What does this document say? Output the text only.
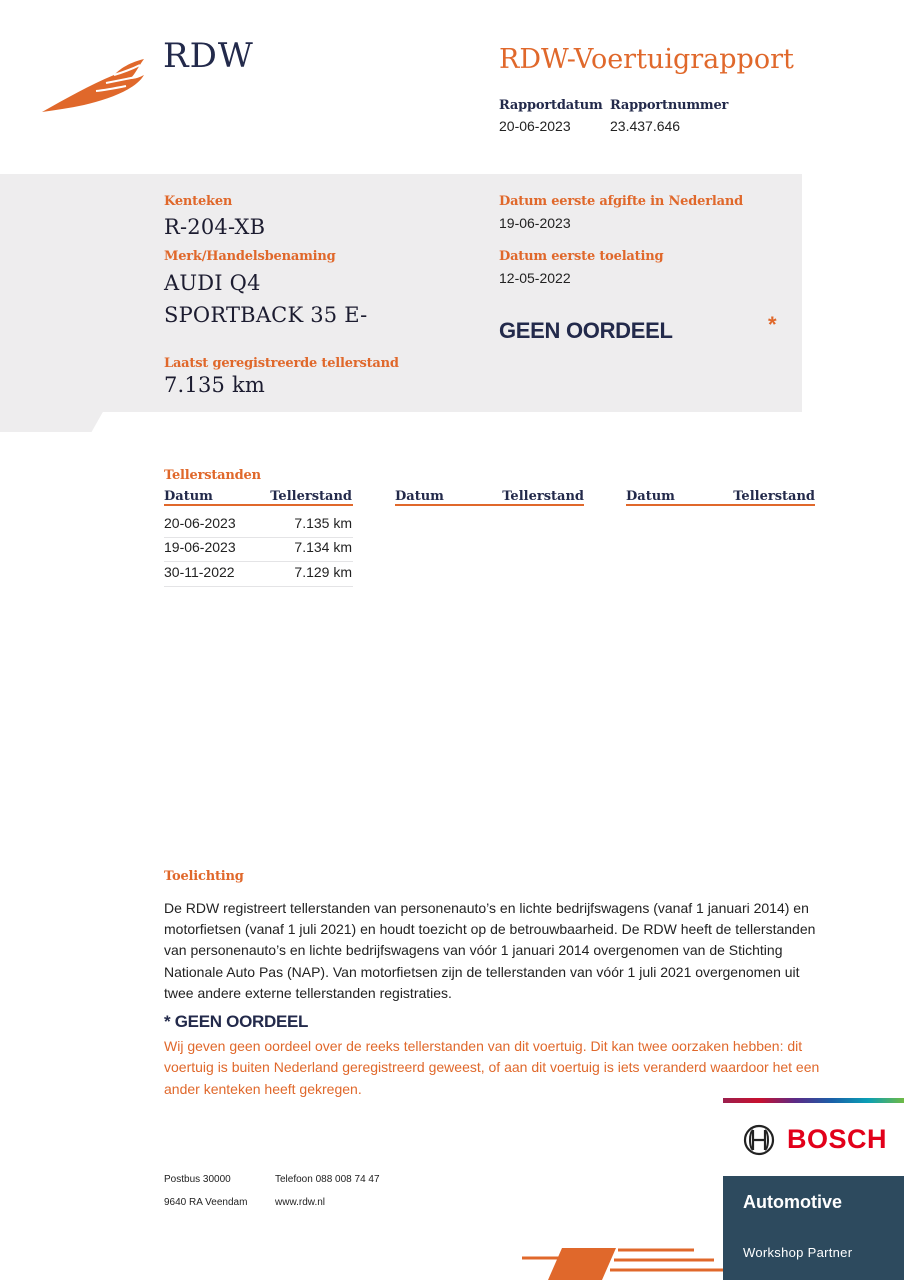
RDW	RDW-Voertuigrapport
Rapportdatum
20-06-2023
Rapportnummer
23.437.646
Kenteken
R-204-XB
Merk/Handelsbenaming
AUDI Q4
SPORTBACK 35 E-
Laatst geregistreerde tellerstand
7.135 km
Datum eerste afgifte in Nederland
19-06-2023
Datum eerste toelating
12-05-2022
GEEN OORDEEL	*
Tellerstanden
Datum	Tellerstand	Datum	Tellerstand	Datum	Tellerstand
20-06-2023	7.135 km
19-06-2023	7.134 km
30-11-2022	7.129 km
Toelichting
De RDW registreert tellerstanden van personenauto’s en lichte bedrijfswagens (vanaf 1 januari 2014) en
motorfietsen (vanaf 1 juli 2021) en houdt toezicht op de betrouwbaarheid. De RDW heeft de tellerstanden
van personenauto’s en lichte bedrijfswagens van vóór 1 januari 2014 overgenomen van de Stichting
Nationale Auto Pas (NAP). Van motorfietsen zijn de tellerstanden van vóór 1 juli 2021 overgenomen uit
twee andere externe tellerstanden registraties.
* GEEN OORDEEL
Wij geven geen oordeel over de reeks tellerstanden van dit voertuig. Dit kan twee oorzaken hebben: dit
voertuig is buiten Nederland geregistreerd geweest, of aan dit voertuig is iets veranderd waardoor het een
ander kenteken heeft gekregen.
Postbus 30000
9640 RA Veendam
Telefoon 088 008 74 47
www.rdw.nl
BOSCH
Automotive
Workshop Partner
